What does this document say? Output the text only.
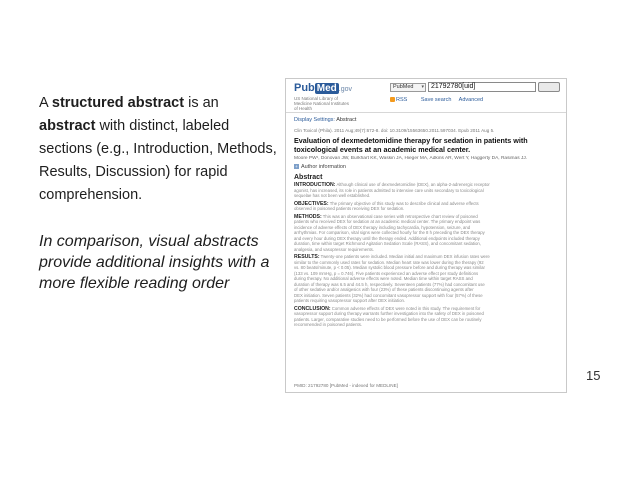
A structured abstract is an abstract with distinct, labeled sections (e.g., Introduction, Methods, Results, Discussion) for rapid comprehension.

In comparison, visual abstracts provide additional insights with a more flexible reading order

15
Pub Med .gov
US National Library of Medicine National Institutes of Health
PubMed ▾	21792780[uid]
RSS Save search Advanced
Display Settings: Abstract
Clin Toxicol (Phila). 2011 Aug;49(7):672-8. doi: 10.3109/15563650.2011.597034. Epub 2011 Aug 5.
Evaluation of dexmedetomidine therapy for sedation in patients with toxicological events at an academic medical center.
Moore PW¹, Donovan JW, Burkhart KK, Waskin JA, Hieger MA, Adkins AR, Wert Y, Haggerty DA, Rasimas JJ.
+ Author information
Abstract
INTRODUCTION: Although clinical use of dexmedetomidine (DEX), an alpha-2-adrenergic receptor
agonist, has increased, its role in patients admitted to intensive care units secondary to toxicological
sequelae has not been well established.
OBJECTIVES: The primary objective of this study was to describe clinical and adverse effects
observed in poisoned patients receiving DEX for sedation.
METHODS: This was an observational case series with retrospective chart review of poisoned
patients who received DEX for sedation at an academic medical center. The primary endpoint was
incidence of adverse effects of DEX therapy including tachycardia, hypotension, seizure, and
arrhythmias. For comparison, vital signs were collected hourly for the 8 h preceding the DEX therapy
and every hour during DEX therapy until the therapy ended. Additional endpoints included therapy
duration, time within target Richmond Agitation Sedation Scale (RASS), and concomitant sedation,
analgesia, and vasopressor requirements.
RESULTS: Twenty-one patients were included. Median initial and maximum DEX infusion rates were
similar to the commonly used rates for sedation. Median heart rate was lower during the therapy (92
vs. 80 beats/minute, p < 0.05). Median systolic blood pressure before and during therapy was similar
(133 vs. 109 mmHg, p = 0.746). Five patients experienced an adverse effect per study definitions
during therapy. No additional adverse effects were noted. Median time within target RASS and
duration of therapy was 6.5 and 44.5 h, respectively. Seventeen patients (77%) had concomitant use
of other sedative and/or analgesics with four (23%) of these patients discontinuing agents after
DEX initiation. Seven patients (32%) had concomitant vasopressor support with four (57%) of these
patients requiring vasopressor support after DEX initiation.
CONCLUSION: Common adverse effects of DEX were noted in this study. The requirement for
vasopressor support during therapy warrants further investigation into the safety of DEX in poisoned
patients. Larger, comparative studies need to be performed before the use of DEX can be routinely
recommended in poisoned patients.
PMID: 21792780 [PubMed - indexed for MEDLINE]
